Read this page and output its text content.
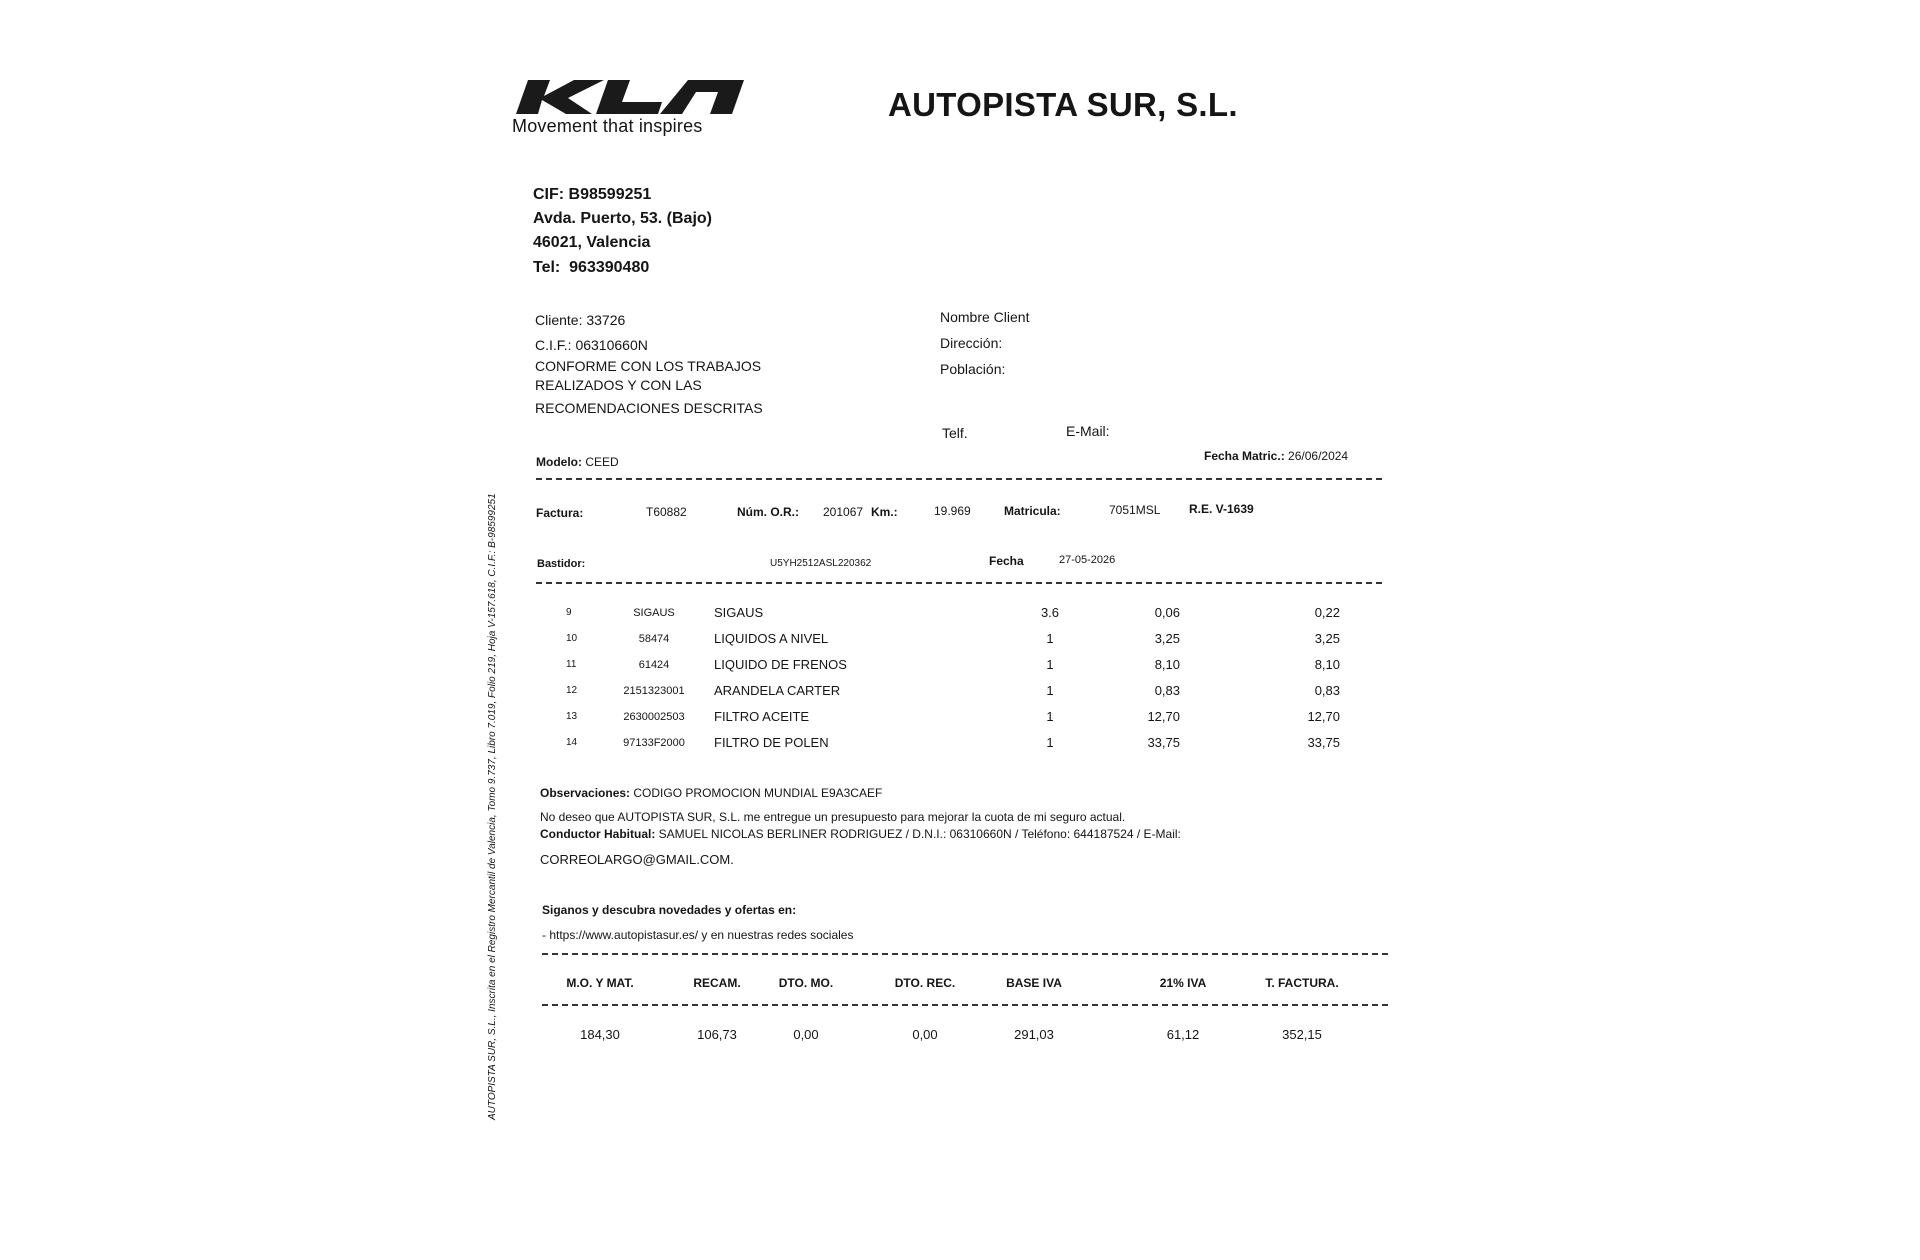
Movement that inspires
AUTOPISTA SUR, S.L.
CIF: B98599251
Avda. Puerto, 53. (Bajo)
46021, Valencia
Tel: 963390480
Cliente: 33726
C.I.F.: 06310660N
CONFORME CON LOS TRABAJOS
REALIZADOS Y CON LAS
RECOMENDACIONES DESCRITAS
Nombre Client
Dirección:
Población:
Telf.	E-Mail:
Modelo: CEED	Fecha Matric.: 26/06/2024
Factura:	T60882	Núm. O.R.: 201067 Km.:	19.969	Matricula:	7051MSL R.E. V-1639
Bastidor:	U5YH2512ASL220362	Fecha	27-05-2026
9	SIGAUS	SIGAUS	3.6	0,06	0,22
10	58474	LIQUIDOS A NIVEL	1	3,25	3,25
11	61424	LIQUIDO DE FRENOS	1	8,10	8,10
12	2151323001	ARANDELA CARTER	1	0,83	0,83
13	2630002503	FILTRO ACEITE	1	12,70	12,70
14	97133F2000	FILTRO DE POLEN	1	33,75	33,75
Observaciones: CODIGO PROMOCION MUNDIAL E9A3CAEF
No deseo que AUTOPISTA SUR, S.L. me entregue un presupuesto para mejorar la cuota de mi seguro actual.
Conductor Habitual: SAMUEL NICOLAS BERLINER RODRIGUEZ / D.N.I.: 06310660N / Teléfono: 644187524 / E-Mail:
CORREOLARGO@GMAIL.COM.
Siganos y descubra novedades y ofertas en:
- https://www.autopistasur.es/ y en nuestras redes sociales
M.O. Y MAT.	RECAM.	DTO. MO.	DTO. REC.	BASE IVA	21% IVA	T. FACTURA.
184,30	106,73	0,00	0,00	291,03	61,12	352,15
AUTOPISTA SUR, S.L., Inscrita en el Registro Mercantil de Valencia, Tomo 9.737, Libro 7.019, Folio 219, Hoja V-157.618, C.I.F.: B-98599251
